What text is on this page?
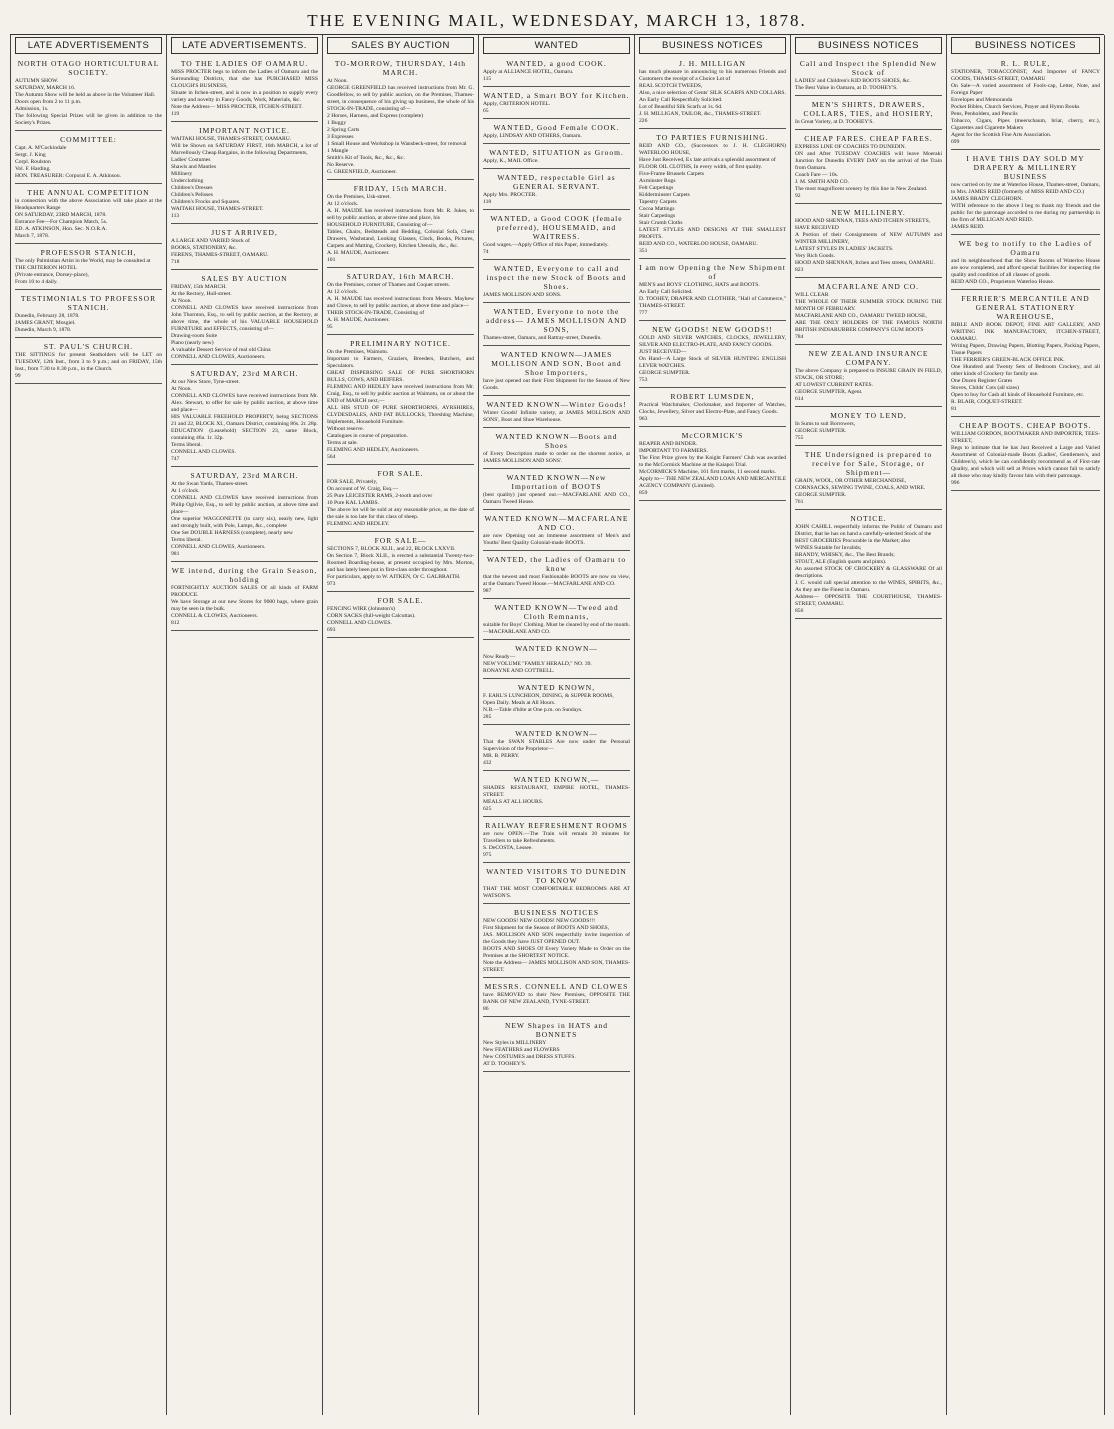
THE EVENING MAIL, WEDNESDAY, MARCH 13, 1878.
LATE ADVERTISEMENTS
NORTH OTAGO HORTICULTURAL SOCIETY.

AUTUMN SHOW.

SATURDAY, MARCH 16.

The Autumn Show will be held as above in the Volunteer Hall.

Doors open from 2 to 11 p.m.

Admission, 1s.

The following Special Prizes will be given in addition to the Society's Prizes.

COMMITTEE:

Capt. A. M'Cockindale

Sergt. J. King

Corpl. Roulston

Vol. F. Harding.

HON. TREASURER: Corporal E. A. Atkinson.

THE ANNUAL COMPETITION

in connection with the above Association will take place at the Headquarters Range

ON SATURDAY, 23RD MARCH, 1878.

Entrance Fee—For Champion Match, 5s.

ED. A. ATKINSON, Hon. Sec. N.O.R.A.

March 7, 1878.

PROFESSOR STANICH,

The only Palmistian Artist in the World, may be consulted at

THE CRITERION HOTEL

(Private entrance, Dorsey-place),

From 10 to 4 daily.

TESTIMONIALS TO PROFESSOR STANICH.

Dunedin, February 28, 1878.

JAMES GRANT, Mosgiel.

Dunedin, March 9, 1878.

ST. PAUL'S CHURCH.

THE SITTINGS for present Seatholders will be LET on TUESDAY, 12th Inst., from 3 to 9 p.m.; and on FRIDAY, 15th Inst., from 7.30 to 8.30 p.m., in the Church.

99

LATE ADVERTISEMENTS.
TO THE LADIES OF OAMARU.

MISS PROCTER begs to inform the Ladies of Oamaru and the Surrounding Districts, that she has PURCHASED MISS CLOUGH'S BUSINESS,

Situate in Itchen-street, and is now in a position to supply every variety and novelty in Fancy Goods, Work, Materials, &c.

Note the Address— MISS PROCTER, ITCHEN-STREET.

119

IMPORTANT NOTICE.

WAITAKI HOUSE, THAMES-STREET, OAMARU.

Will be Shown on SATURDAY FIRST, 16th MARCH, a lot of Marvellously Cheap Bargains, in the following Departments,

Ladies' Costumes

Shawls and Mantles

Millinery

Underclothing

Children's Dresses

Children's Pelisses

Children's Frocks and Squares.

WAITAKI HOUSE, THAMES-STREET.

113

JUST ARRIVED,

A LARGE AND VARIED Stock of

BOOKS, STATIONERY, &c.

FERENS, THAMES-STREET, OAMARU.

718

SALES BY AUCTION

FRIDAY, 15th MARCH.

At the Rectory, Hull-street.

At Noon.

CONNELL AND CLOWES have received instructions from John Thornton, Esq., to sell by public auction, at the Rectory, at above time, the whole of his VALUABLE HOUSEHOLD FURNITURE and EFFECTS, consisting of—

Drawing-room Suite

Piano (nearly new)

A valuable Dessert Service of real old China

CONNELL AND CLOWES, Auctioneers.

SATURDAY, 23rd MARCH.

At our New Store, Tyne-street.

At Noon.

CONNELL AND CLOWES have received instructions from Mr. Alex. Stewart, to offer for sale by public auction, at above time and place—

HIS VALUABLE FREEHOLD PROPERTY, being SECTIONS 21 and 22, BLOCK XI., Oamaru District, containing 86s. 2r. 28p.

EDUCATION (Leasehold) SECTION 23, same Block, containing 46a. 1r. 32p.

Terms liberal.

CONNELL AND CLOWES.

747

SATURDAY, 23rd MARCH.

At the Swan Yards, Thames-street.

At 1 o'clock.

CONNELL AND CLOWES have received instructions from Philip Ogilvie, Esq., to sell by public auction, at above time and place—

One superior WAGGONETTE (to carry six), nearly new, light and strongly built, with Pole, Lamps, &c., complete

One Set DOUBLE HARNESS (complete), nearly new

Terms liberal.

CONNELL AND CLOWES, Auctioneers.

981

WE intend, during the Grain Season, holding

FORTNIGHTLY AUCTION SALES Of all kinds of FARM PRODUCE.

We have Storage at our new Stores for 9000 bags, where grain may be seen in the bulk.

CONNELL & CLOWES, Auctioneers.

812

SALES BY AUCTION
TO-MORROW, THURSDAY, 14th MARCH.

At Noon.

GEORGE GREENFIELD has received instructions from Mr. G. Goodfellow, to sell by public auction, on the Premises, Thames-street, in consequence of his giving up business, the whole of his STOCK-IN-TRADE, consisting of—

2 Horses, Harness, and Express (complete)

1 Buggy

2 Spring Carts

3 Expresses

1 Small House and Workshop in Wansbeck-street, for removal

1 Mangle

Smith's Kit of Tools, &c., &c., &c.

No Reserve.

G. GREENFIELD, Auctioneer.

FRIDAY, 15th MARCH.

On the Premises, Usk-street.

At 12 o'clock.

A. H. MAUDE has received instructions from Mr. R. Jukes, to sell by public auction, at above time and place, his

HOUSEHOLD FURNITURE, Consisting of—

Tables, Chairs, Bedsteads and Bedding, Colonial Sofa, Chest Drawers, Washstand, Looking Glasses, Clock, Books, Pictures, Carpets and Matting, Crockery, Kitchen Utensils, &c., &c.

A. H. MAUDE, Auctioneer.

101

SATURDAY, 16th MARCH.

On the Premises, corner of Thames and Coquet streets.

At 12 o'clock.

A. H. MAUDE has received instructions from Messrs. Mayhew and Clowe, to sell by public auction, at above time and place—

THEIR STOCK-IN-TRADE, Consisting of

A. H. MAUDE, Auctioneer.

95

PRELIMINARY NOTICE.

On the Premises, Waimotu.

Important to Farmers, Graziers, Breeders, Butchers, and Speculators.

GREAT DISPERSING SALE OF PURE SHORTHORN BULLS, COWS, AND HEIFERS.

FLEMING AND HEDLEY have received instructions from Mr. Craig, Esq., to sell by public auction at Waimotu, on or about the END of MARCH next,—

ALL HIS STUD OF PURE SHORTHORNS, AYRSHIRES, CLYDESDALES, AND FAT BULLOCKS, Threshing Machine, Implements, Household Furniture.

Without reserve.

Catalogues in course of preparation.

Terms at sale.

FLEMING AND HEDLEY, Auctioneers.

564

FOR SALE.

FOR SALE, Privately,

On account of W. Craig, Esq.—

25 Pure LEICESTER RAMS, 2-tooth and over

10 Pure KAL LAMBS.

The above lot will be sold at any reasonable price, as the date of the sale is too late for this class of sheep.

FLEMING AND HEDLEY.

FOR SALE—

SECTIONS 7, BLOCK XLII., and 22, BLOCK LXXVII.

On Section 7, Block XLII., is erected a substantial Twenty-two-Roomed Boarding-house, at present occupied by Mrs. Morton, and has lately been put in first-class order throughout.

For particulars, apply to W. AITKEN, Or C. GALBRAITH.

973

FOR SALE.

FENCING WIRE (Johnston's)

CORN SACKS (full-weight Calcuttas).

CONNELL AND CLOWES.

693

WANTED
WANTED, a good COOK.

Apply at ALLIANCE HOTEL, Oamaru.

115

WANTED, a Smart BOY for Kitchen.

Apply, CRITERION HOTEL.

65

WANTED, Good Female COOK.

Apply, LINDSAY AND OTHERS, Oamaru.

WANTED, SITUATION as Groom.

Apply, K., MAIL Office.

WANTED, respectable Girl as GENERAL SERVANT.

Apply Mrs. PROCTER.

118

WANTED, a Good COOK (female preferred), HOUSEMAID, and WAITRESS.

Good wages.—Apply Office of this Paper, immediately.

74

WANTED, Everyone to call and inspect the new Stock of Boots and Shoes.

JAMES MOLLISON AND SONS.

WANTED, Everyone to note the address— JAMES MOLLISON AND SONS,

Thames-street, Oamaru, and Rattray-street, Dunedin.

WANTED KNOWN—JAMES MOLLISON AND SON, Boot and Shoe Importers,

have just opened out their First Shipment for the Season of New Goods.

WANTED KNOWN—Winter Goods!

Winter Goods! Infinite variety, at JAMES MOLLISON AND SONS', Boot and Shoe Warehouse.

WANTED KNOWN—Boots and Shoes

of Every Description made to order on the shortest notice, at JAMES MOLLISON AND SONS'.

WANTED KNOWN—New Importation of BOOTS

(best quality) just opened out.—MACFARLANE AND CO., Oamaru Tweed House.

WANTED KNOWN—MACFARLANE AND CO.

are now Opening out an immense assortment of Men's and Youths' Best Quality Colonial-made BOOTS.

WANTED, the Ladies of Oamaru to know

that the newest and most Fashionable BOOTS are now on view, at the Oamaru Tweed House.—MACFARLANE AND CO.

987

WANTED KNOWN—Tweed and Cloth Remnants,

suitable for Boys' Clothing. Must be cleared by end of the month.—MACFARLANE AND CO.

WANTED KNOWN—

Now Ready—

NEW VOLUME "FAMILY HERALD," NO. 39.

RONAYNE AND COTTRELL.

WANTED KNOWN,

F. EARL'S LUNCHEON, DINING, & SUPPER ROOMS,

Open Daily. Meals at All Hours.

N.B.—Table d'hôte at One p.m. on Sundays.

285

WANTED KNOWN—

That the SWAN STABLES Are now under the Personal Supervision of the Proprietor—

MR. B. PERRY.

432

WANTED KNOWN,—

SHADES RESTAURANT, EMPIRE HOTEL, THAMES-STREET.

MEALS AT ALL HOURS.

625

RAILWAY REFRESHMENT ROOMS

are now OPEN.—The Train will remain 20 minutes for Travellers to take Refreshments.

S. DeCOSTA, Lessee.

975

WANTED VISITORS TO DUNEDIN TO KNOW

THAT THE MOST COMFORTABLE BEDROOMS ARE AT WATSON'S.

BUSINESS NOTICES

NEW GOODS! NEW GOODS! NEW GOODS!!!

First Shipment for the Season of BOOTS AND SHOES,

JAS. MOLLISON AND SON respectfully invite inspection of the Goods they have JUST OPENED OUT.

BOOTS AND SHOES Of Every Variety Made to Order on the Premises at the SHORTEST NOTICE.

Note the Address— JAMES MOLLISON AND SON, THAMES-STREET.

MESSRS. CONNELL AND CLOWES

have REMOVED to their New Premises, OPPOSITE THE BANK OF NEW ZEALAND, TYNE-STREET.

86

NEW Shapes in HATS and BONNETS

New Styles in MILLINERY

New FEATHERS and FLOWERS

New COSTUMES and DRESS STUFFS.

AT D. TOOHEY'S.

BUSINESS NOTICES
J. H. MILLIGAN

has much pleasure in announcing to his numerous Friends and Customers the receipt of a Choice Lot of

REAL SCOTCH TWEEDS,

Also, a nice selection of Gents' SILK SCARFS AND COLLARS.

An Early Call Respectfully Solicited.

Lot of Beautiful Silk Scarfs at 1s. 6d.

J. H. MILLIGAN, TAILOR, &c., THAMES-STREET.

226

TO PARTIES FURNISHING.

REID AND CO., (Successors to J. H. CLEGHORN) WATERLOO HOUSE,

Have Just Received, Ex late arrivals a splendid assortment of

FLOOR OIL CLOTHS, In every width, of first quality.

Five-Frame Brussels Carpets

Axminster Rugs

Felt Carpetings

Kidderminster Carpets

Tapestry Carpets

Cocoa Mattings

Stair Carpetings

Stair Crumb Cloths

LATEST STYLES AND DESIGNS AT THE SMALLEST PROFITS.

REID AND CO., WATERLOO HOUSE, OAMARU.

351

I am now Opening the New Shipment of

MEN'S and BOYS' CLOTHING, HATS and BOOTS.

An Early Call Solicited.

D. TOOHEY, DRAPER AND CLOTHIER, "Hall of Commerce," THAMES-STREET.

777

NEW GOODS! NEW GOODS!!

GOLD AND SILVER WATCHES, CLOCKS, JEWELLERY, SILVER AND ELECTRO-PLATE, AND FANCY GOODS.

JUST RECEIVED—

On Hand—A Large Stock of SILVER HUNTING ENGLISH LEVER WATCHES.

GEORGE SUMPTER.

753

ROBERT LUMSDEN,

Practical Watchmaker, Clockmaker, and Importer of Watches, Clocks, Jewellery, Silver and Electro-Plate, and Fancy Goods.

963

McCORMICK'S

REAPER AND BINDER.

IMPORTANT TO FARMERS.

The First Prize given by the Knight Farmers' Club was awarded to the McCormick Machine at the Kaiapoi Trial.

McCORMICK'S Machine, 161 first marks, 11 second marks.

Apply to— THE NEW ZEALAND LOAN AND MERCANTILE AGENCY COMPANY (Limited).

859

BUSINESS NOTICES
Call and Inspect the Splendid New Stock of

LADIES' and Children's KID BOOTS SHOES, &c.

The Best Value in Oamaru, at D. TOOHEY'S.

MEN'S SHIRTS, DRAWERS, COLLARS, TIES, and HOSIERY,

In Great Variety, at D. TOOHEY'S.

CHEAP FARES. CHEAP FARES.

EXPRESS LINE OF COACHES TO DUNEDIN.

ON and After TUESDAY COACHES will leave Moeraki Junction for Dunedin EVERY DAY on the arrival of the Train from Oamaru.

Coach Fare — 10s.

J. M. SMITH AND CO.

The most magnificent scenery by this line in New Zealand.

92

NEW MILLINERY.

HOOD AND SHENNAN, TEES AND ITCHEN STREETS,

HAVE RECEIVED

A Portion of their Consignments of NEW AUTUMN and WINTER MILLINERY,

LATEST STYLES IN LADIES' JACKETS.

Very Rich Goods.

HOOD AND SHENNAN, Itchen and Tees streets, OAMARU.

823

MACFARLANE AND CO.

WILL CLEAR

THE WHOLE OF THEIR SUMMER STOCK DURING THE MONTH OF FEBRUARY.

MACFARLANE AND CO., OAMARU TWEED HOUSE,

ARE THE ONLY HOLDERS OF THE FAMOUS NORTH BRITISH INDIARUBBER COMPANY'S GUM BOOTS

784

NEW ZEALAND INSURANCE COMPANY.

The above Company is prepared to INSURE GRAIN IN FIELD, STACK, OR STORE;

AT LOWEST CURRENT RATES.

GEORGE SUMPTER, Agent.

614

MONEY TO LEND,

In Sums to suit Borrowers,

GEORGE SUMPTER.

755

THE Undersigned is prepared to receive for Sale, Storage, or Shipment—

GRAIN, WOOL, OR OTHER MERCHANDISE,

CORNSACKS, SEWING TWINE, COALS, AND WIRE.

GEORGE SUMPTER.

761

NOTICE.

JOHN CAHILL respectfully informs the Public of Oamaru and District, that he has on hand a carefully-selected Stock of the

BEST GROCERIES Procurable in the Market; also

WINES Suitable for Invalids;

BRANDY, WHISKY, &c., The Best Brands;

STOUT, ALE (English quarts and pints).

An assorted STOCK OF CROCKERY & GLASSWARE Of all descriptions.

J. C. would call special attention to the WINES, SPIRITS, &c., As they are the Finest in Oamaru.

Address— OPPOSITE THE COURTHOUSE, THAMES-STREET, OAMARU.

856

BUSINESS NOTICES
R. L. RULE,

STATIONER, TOBACCONIST, And Importer of FANCY GOODS, THAMES-STREET, OAMARU

On Sale—A varied assortment of Fools-cap, Letter, Note, and Foreign Paper

Envelopes and Memoranda

Pocket Bibles, Church Services, Prayer and Hymn Books

Pens, Penholders, and Pencils

Tobacco, Cigars, Pipes (meerschaum, briar, cherry, etc.), Cigarettes and Cigarette Makers

Agent for the Scottish Fine Arts Association.

699

I HAVE THIS DAY SOLD MY DRAPERY & MILLINERY BUSINESS

now carried on by me at Waterloo House, Thames-street, Oamaru, to Mrs. JAMES REID (formerly of MISS REID AND CO.)

JAMES BRADY CLEGHORN.

WITH reference to the above I beg to thank my friends and the public for the patronage accorded to me during my partnership in the firm of MILLIGAN AND REID.

JAMES REID.

WE beg to notify to the Ladies of Oamaru

and its neighbourhood that the Show Rooms of Waterloo House are now completed, and afford special facilities for inspecting the quality and condition of all classes of goods.

REID AND CO., Proprietors Waterloo House.

FERRIER'S MERCANTILE AND GENERAL STATIONERY WAREHOUSE,

BIBLE AND BOOK DEPOT, FINE ART GALLERY, AND WRITING INK MANUFACTORY, ITCHEN-STREET, OAMARU.

Writing Papers, Drawing Papers, Blotting Papers, Packing Papers, Tissue Papers

THE FERRIER'S GREEN-BLACK OFFICE INK.

One Hundred and Twenty Sets of Bedroom Crockery, and all other kinds of Crockery for family use.

One Dozen Register Grates

Stoves, Childs' Cots (all sizes)

Open to buy for Cash all kinds of Household Furniture, etc.

R. BLAIR, COQUET-STREET.

81

CHEAP BOOTS. CHEAP BOOTS.

WILLIAM GORDON, BOOTMAKER AND IMPORTER, TEES-STREET,

Begs to intimate that he has Just Received a Large and Varied Assortment of Colonial-made Boots (Ladies', Gentlemen's, and Children's), which he can confidently recommend as of First-rate Quality, and which will sell at Prices which cannot fail to satisfy all those who may kindly favour him with their patronage.

996
